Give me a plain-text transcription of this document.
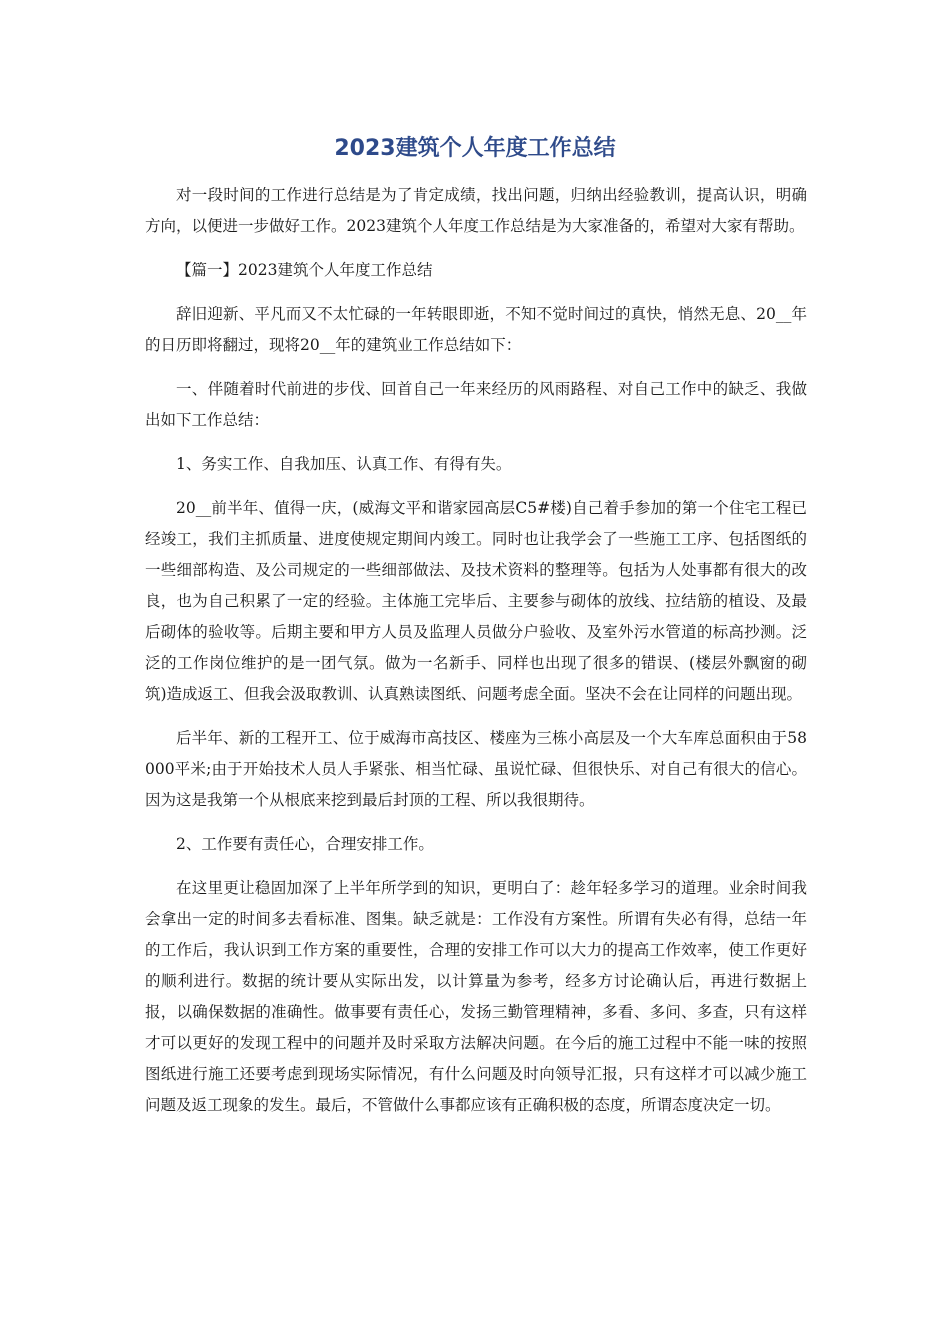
2023建筑个人年度工作总结

对一段时间的工作进行总结是为了肯定成绩，找出问题，归纳出经验教训，提高认识，明确方向，以便进一步做好工作。2023建筑个人年度工作总结是为大家准备的，希望对大家有帮助。

【篇一】2023建筑个人年度工作总结

辞旧迎新、平凡而又不太忙碌的一年转眼即逝，不知不觉时间过的真快，悄然无息、20__年的日历即将翻过，现将20__年的建筑业工作总结如下：

一、伴随着时代前进的步伐、回首自己一年来经历的风雨路程、对自己工作中的缺乏、我做出如下工作总结：

1、务实工作、自我加压、认真工作、有得有失。

20__前半年、值得一庆，(威海文平和谐家园高层C5#楼)自己着手参加的第一个住宅工程已经竣工，我们主抓质量、进度使规定期间内竣工。同时也让我学会了一些施工工序、包括图纸的一些细部构造、及公司规定的一些细部做法、及技术资料的整理等。包括为人处事都有很大的改良，也为自己积累了一定的经验。主体施工完毕后、主要参与砌体的放线、拉结筋的植设、及最后砌体的验收等。后期主要和甲方人员及监理人员做分户验收、及室外污水管道的标高抄测。泛泛的工作岗位维护的是一团气氛。做为一名新手、同样也出现了很多的错误、(楼层外飘窗的砌筑)造成返工、但我会汲取教训、认真熟读图纸、问题考虑全面。坚决不会在让同样的问题出现。

后半年、新的工程开工、位于威海市高技区、楼座为三栋小高层及一个大车库总面积由于58000平米;由于开始技术人员人手紧张、相当忙碌、虽说忙碌、但很快乐、对自己有很大的信心。因为这是我第一个从根底来挖到最后封顶的工程、所以我很期待。

2、工作要有责任心，合理安排工作。

在这里更让稳固加深了上半年所学到的知识，更明白了：趁年轻多学习的道理。业余时间我会拿出一定的时间多去看标准、图集。缺乏就是：工作没有方案性。所谓有失必有得，总结一年的工作后，我认识到工作方案的重要性，合理的安排工作可以大力的提高工作效率，使工作更好的顺利进行。数据的统计要从实际出发，以计算量为参考，经多方讨论确认后，再进行数据上报，以确保数据的准确性。做事要有责任心，发扬三勤管理精神，多看、多问、多查，只有这样才可以更好的发现工程中的问题并及时采取方法解决问题。在今后的施工过程中不能一味的按照图纸进行施工还要考虑到现场实际情况，有什么问题及时向领导汇报，只有这样才可以减少施工问题及返工现象的发生。最后，不管做什么事都应该有正确积极的态度，所谓态度决定一切。
